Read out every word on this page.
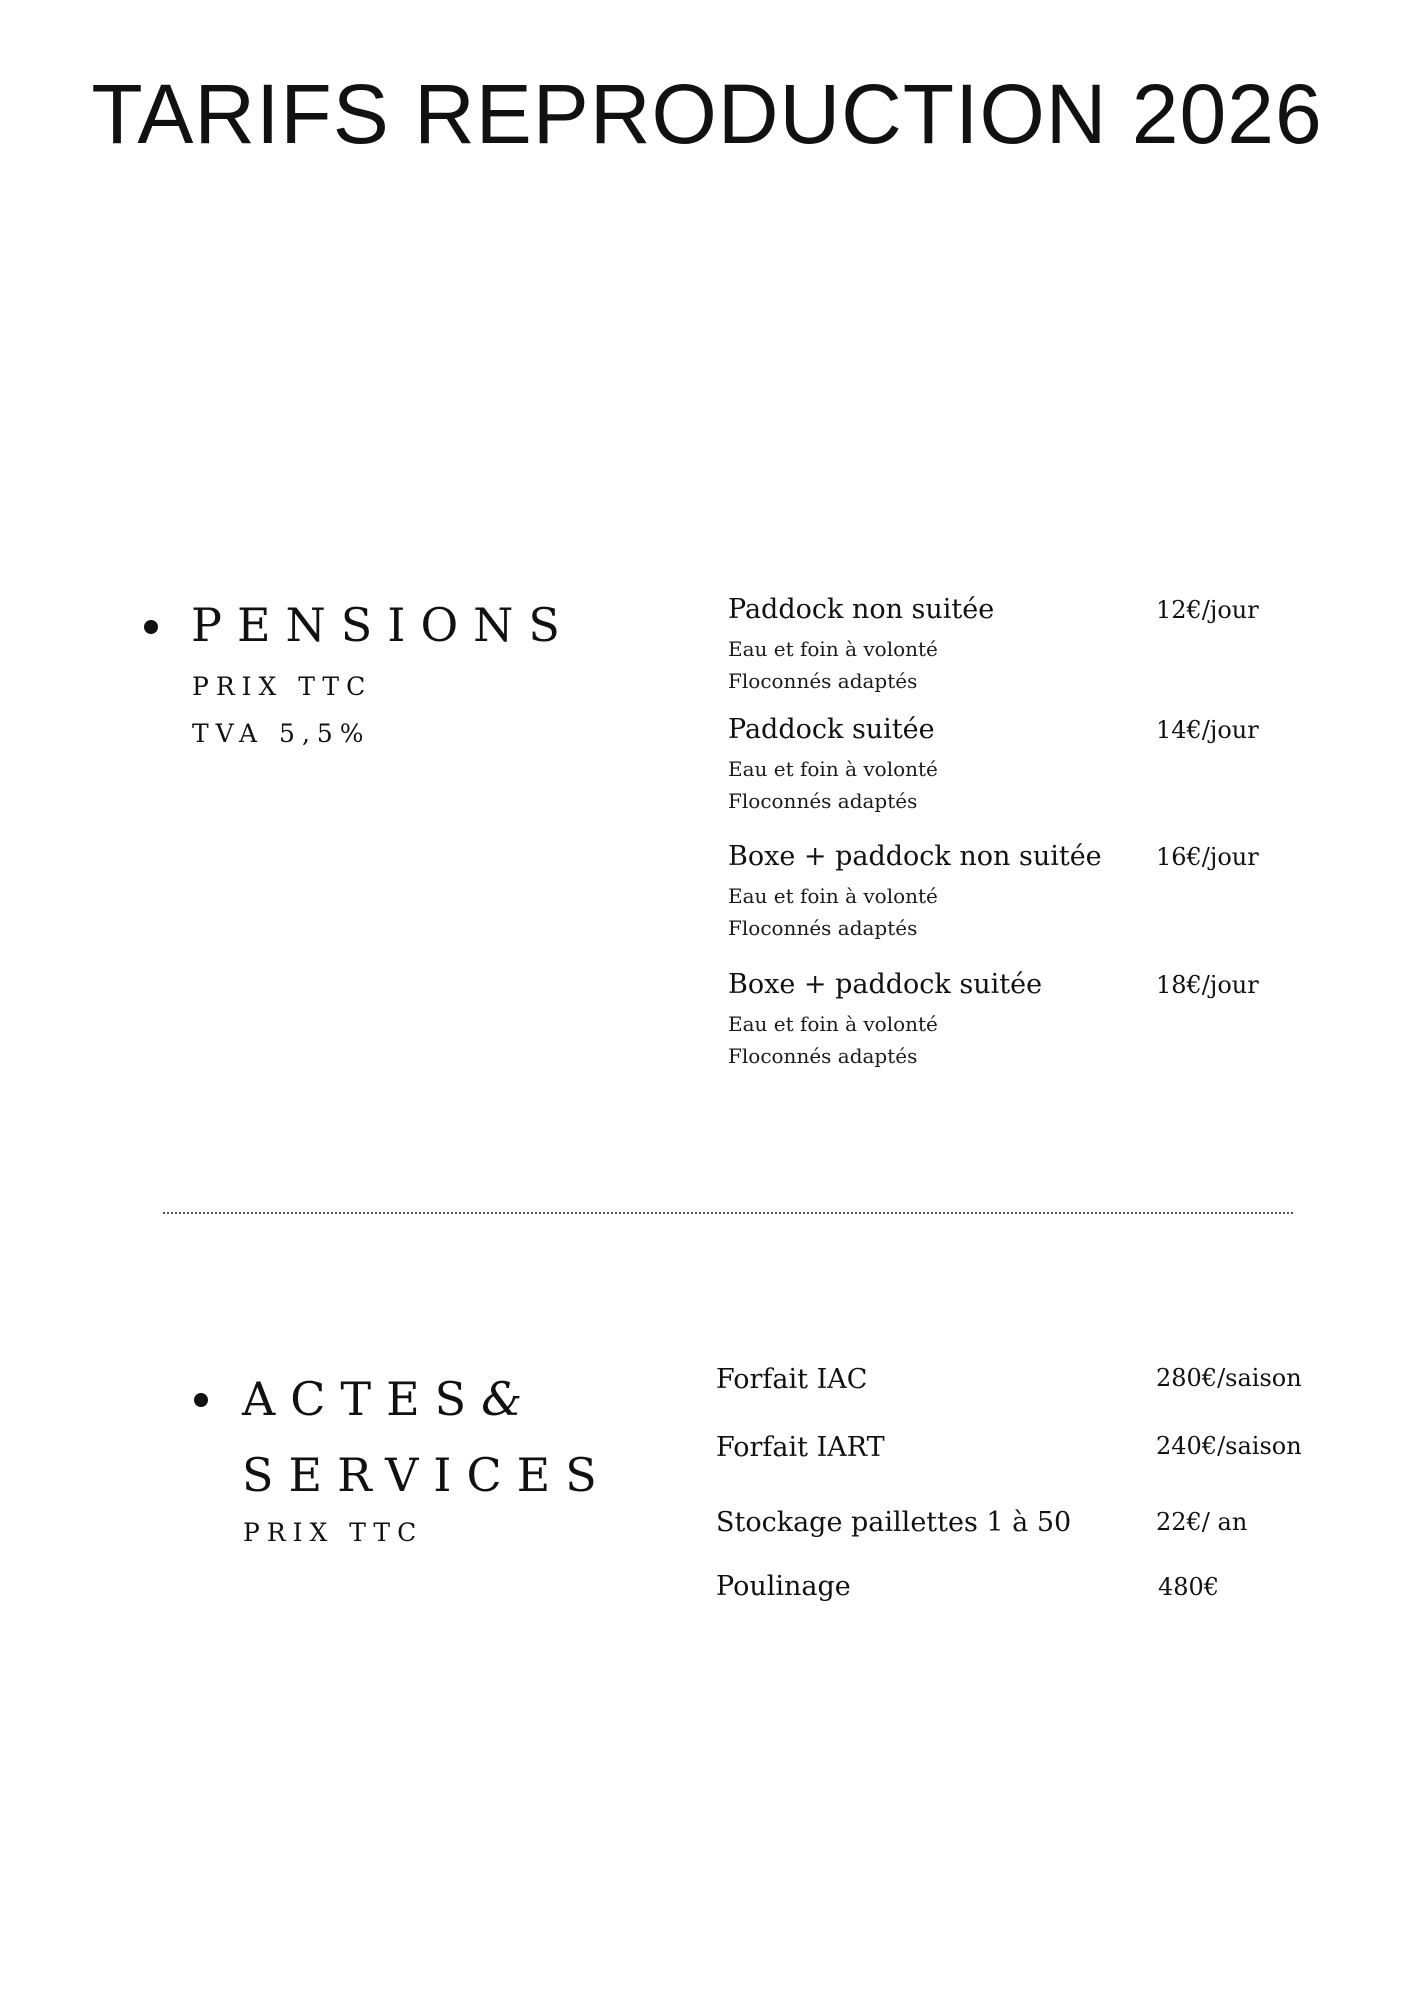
TARIFS REPRODUCTION 2026
PENSIONS
PRIX TTC
TVA 5,5%
Paddock non suitée	12€/jour
Eau et foin à volonté
Floconnés adaptés
Paddock suitée	14€/jour
Eau et foin à volonté
Floconnés adaptés
Boxe + paddock non suitée 16€/jour
Eau et foin à volonté
Floconnés adaptés
Boxe + paddock suitée	18€/jour
Eau et foin à volonté
Floconnés adaptés
ACTES&
SERVICES
PRIX TTC
Forfait IAC	280€/saison
Forfait IART	240€/saison
Stockage paillettes 1 à 50	22€/ an
Poulinage	480€
